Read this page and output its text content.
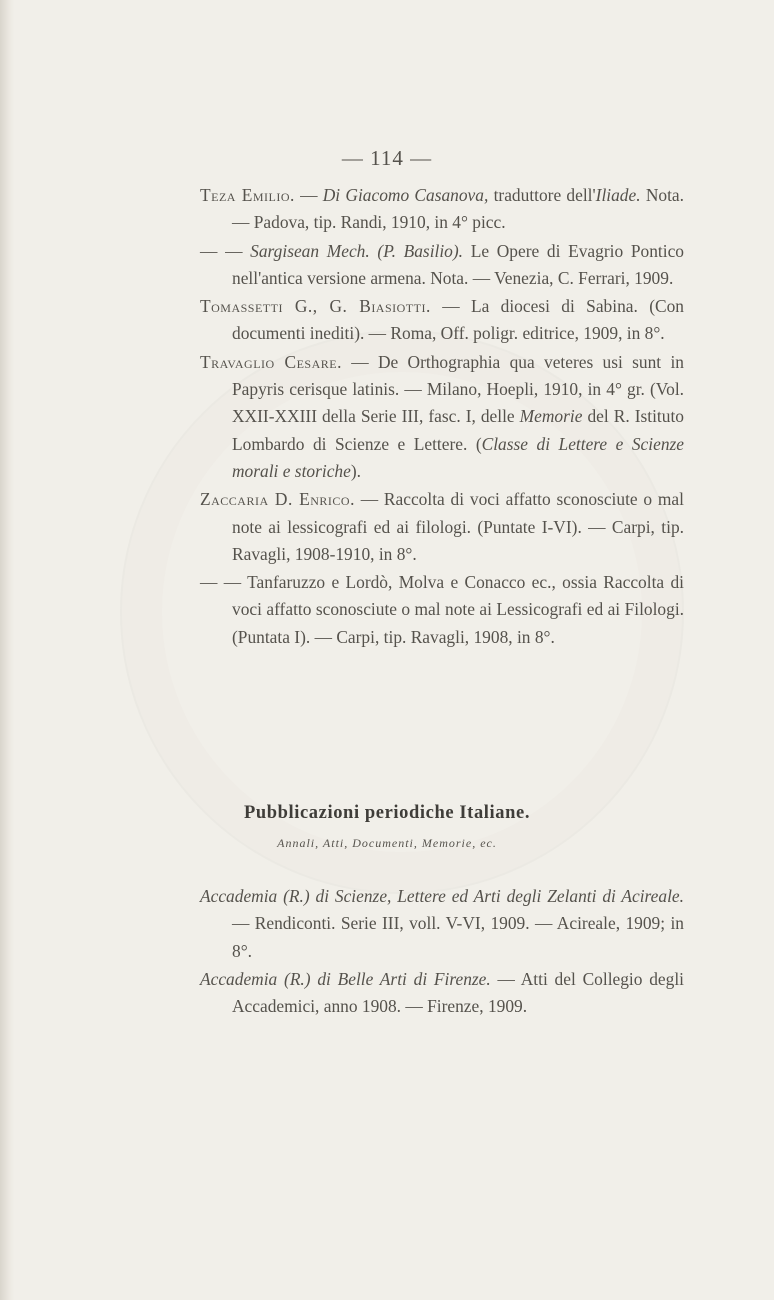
— 114 —

Teza Emilio. — Di Giacomo Casanova, traduttore dell'Iliade. Nota. — Padova, tip. Randi, 1910, in 4° picc.

— — Sargisean Mech. (P. Basilio). Le Opere di Evagrio Pontico nell'antica versione armena. Nota. — Venezia, C. Ferrari, 1909.

Tomassetti G., G. Biasiotti. — La diocesi di Sabina. (Con documenti inediti). — Roma, Off. poligr. editrice, 1909, in 8°.

Travaglio Cesare. — De Orthographia qua veteres usi sunt in Papyris cerisque latinis. — Milano, Hoepli, 1910, in 4° gr. (Vol. XXII-XXIII della Serie III, fasc. I, delle Memorie del R. Istituto Lombardo di Scienze e Lettere. (Classe di Lettere e Scienze morali e storiche).

Zaccaria D. Enrico. — Raccolta di voci affatto sconosciute o mal note ai lessicografi ed ai filologi. (Puntate I-VI). — Carpi, tip. Ravagli, 1908-1910, in 8°.

— — Tanfaruzzo e Lordò, Molva e Conacco ec., ossia Raccolta di voci affatto sconosciute o mal note ai Lessicografi ed ai Filologi. (Puntata I). — Carpi, tip. Ravagli, 1908, in 8°.

Pubblicazioni periodiche Italiane.
Annali, Atti, Documenti, Memorie, ec.

Accademia (R.) di Scienze, Lettere ed Arti degli Zelanti di Acireale. — Rendiconti. Serie III, voll. V-VI, 1909. — Acireale, 1909; in 8°.

Accademia (R.) di Belle Arti di Firenze. — Atti del Collegio degli Accademici, anno 1908. — Firenze, 1909.
